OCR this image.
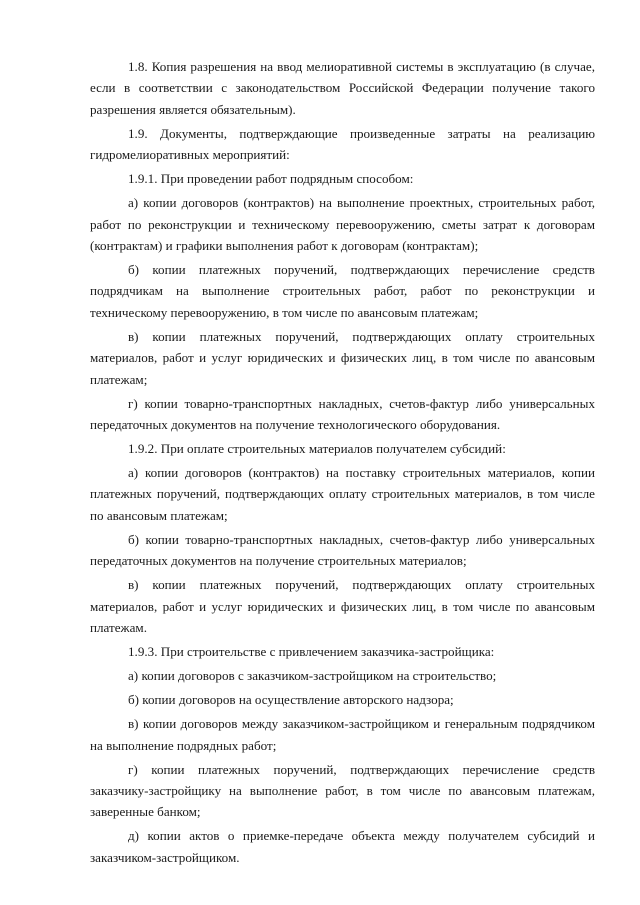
1.8. Копия разрешения на ввод мелиоративной системы в эксплуатацию (в случае, если в соответствии с законодательством Российской Федерации получение такого разрешения является обязательным).

1.9. Документы, подтверждающие произведенные затраты на реализацию гидромелиоративных мероприятий:

1.9.1. При проведении работ подрядным способом:

а) копии договоров (контрактов) на выполнение проектных, строительных работ, работ по реконструкции и техническому перевооружению, сметы затрат к договорам (контрактам) и графики выполнения работ к договорам (контрактам);

б) копии платежных поручений, подтверждающих перечисление средств подрядчикам на выполнение строительных работ, работ по реконструкции и техническому перевооружению, в том числе по авансовым платежам;

в) копии платежных поручений, подтверждающих оплату строительных материалов, работ и услуг юридических и физических лиц, в том числе по авансовым платежам;

г) копии товарно-транспортных накладных, счетов-фактур либо универсальных передаточных документов на получение технологического оборудования.

1.9.2. При оплате строительных материалов получателем субсидий:

а) копии договоров (контрактов) на поставку строительных материалов, копии платежных поручений, подтверждающих оплату строительных материалов, в том числе по авансовым платежам;

б) копии товарно-транспортных накладных, счетов-фактур либо универсальных передаточных документов на получение строительных материалов;

в) копии платежных поручений, подтверждающих оплату строительных материалов, работ и услуг юридических и физических лиц, в том числе по авансовым платежам.

1.9.3. При строительстве с привлечением заказчика-застройщика:

а) копии договоров с заказчиком-застройщиком на строительство;

б) копии договоров на осуществление авторского надзора;

в) копии договоров между заказчиком-застройщиком и генеральным подрядчиком на выполнение подрядных работ;

г) копии платежных поручений, подтверждающих перечисление средств заказчику-застройщику на выполнение работ, в том числе по авансовым платежам, заверенные банком;

д) копии актов о приемке-передаче объекта между получателем субсидий и заказчиком-застройщиком.
